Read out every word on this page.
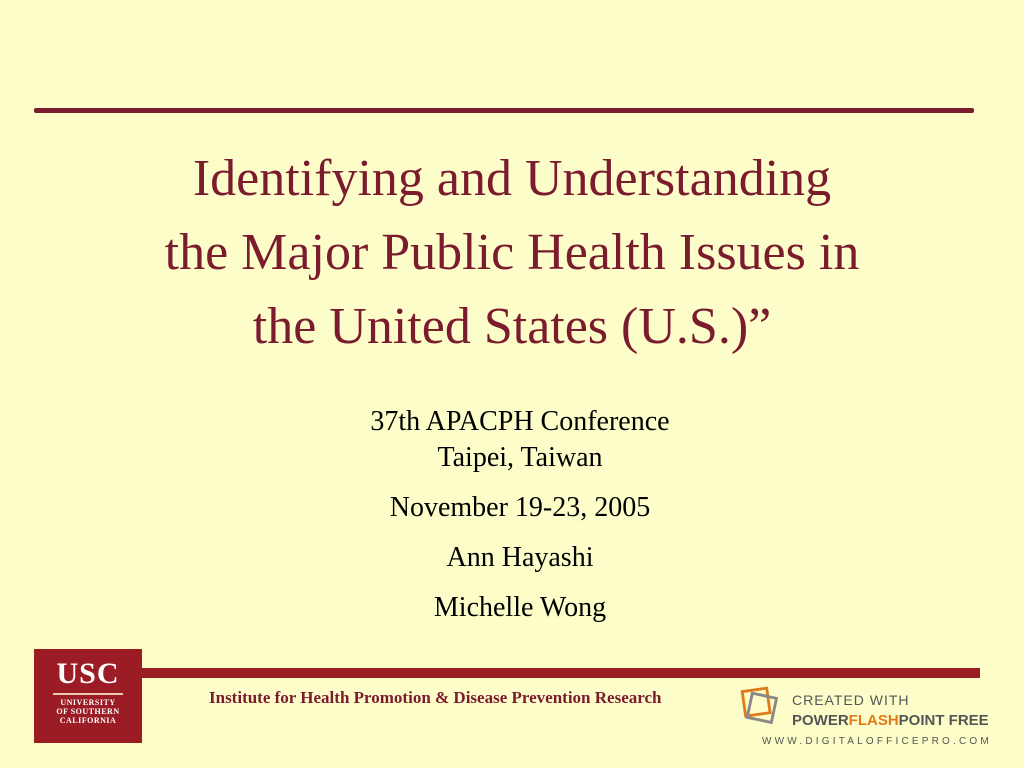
Identifying and Understanding
the Major Public Health Issues in
the United States (U.S.)”
37th APACPH Conference
Taipei, Taiwan
November 19-23, 2005
Ann Hayashi
Michelle Wong
USC
UNIVERSITY
OF SOUTHERN
CALIFORNIA
Institute for Health Promotion & Disease Prevention Research	CREATED WITH
POWERFLASHPOINT FREE
WWW.DIGITALOFFICEPRO.COM
